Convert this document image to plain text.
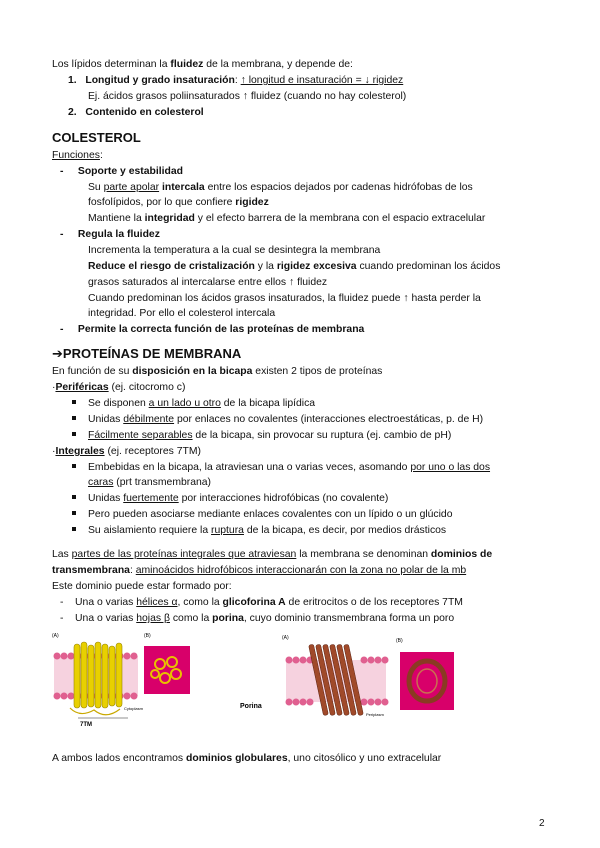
Los lípidos determinan la fluidez de la membrana, y depende de:
1. Longitud y grado insaturación: ↑ longitud e insaturación = ↓ rigidez
Ej. ácidos grasos poliinsaturados ↑ fluidez (cuando no hay colesterol)
2. Contenido en colesterol
COLESTEROL
Funciones:
- Soporte y estabilidad
Su parte apolar intercala entre los espacios dejados por cadenas hidrófobas de los
fosfolípidos, por lo que confiere rigidez
Mantiene la integridad y el efecto barrera de la membrana con el espacio extracelular
- Regula la fluidez
Incrementa la temperatura a la cual se desintegra la membrana
Reduce el riesgo de cristalización y la rigidez excesiva cuando predominan los ácidos
grasos saturados al intercalarse entre ellos ↑ fluidez
Cuando predominan los ácidos grasos insaturados, la fluidez puede ↑ hasta perder la
integridad. Por ello el colesterol intercala
- Permite la correcta función de las proteínas de membrana
➔PROTEÍNAS DE MEMBRANA
En función de su disposición en la bicapa existen 2 tipos de proteínas
·Periféricas (ej. citocromo c)
Se disponen a un lado u otro de la bicapa lipídica
Unidas débilmente por enlaces no covalentes (interacciones electroestáticas, p. de H)
Fácilmente separables de la bicapa, sin provocar su ruptura (ej. cambio de pH)
·Integrales (ej. receptores 7TM)
Embebidas en la bicapa, la atraviesan una o varias veces, asomando por uno o las dos
caras (prt transmembrana)
Unidas fuertemente por interacciones hidrofóbicas (no covalente)
Pero pueden asociarse mediante enlaces covalentes con un lípido o un glúcido
Su aislamiento requiere la ruptura de la bicapa, es decir, por medios drásticos
Las partes de las proteínas integrales que atraviesan la membrana se denominan dominios de
transmembrana: aminoácidos hidrofóbicos interaccionarán con la zona no polar de la mb
Este dominio puede estar formado por:
- Una o varias hélices α, como la glicoforina A de eritrocitos o de los receptores 7TM
- Una o varias hojas β como la porina, cuyo dominio transmembrana forma un poro
(A)	(B)
Cytoplasm
7TM
(A)	(B)
Porina
Periplasm
A ambos lados encontramos dominios globulares, uno citosólico y uno extracelular
2
